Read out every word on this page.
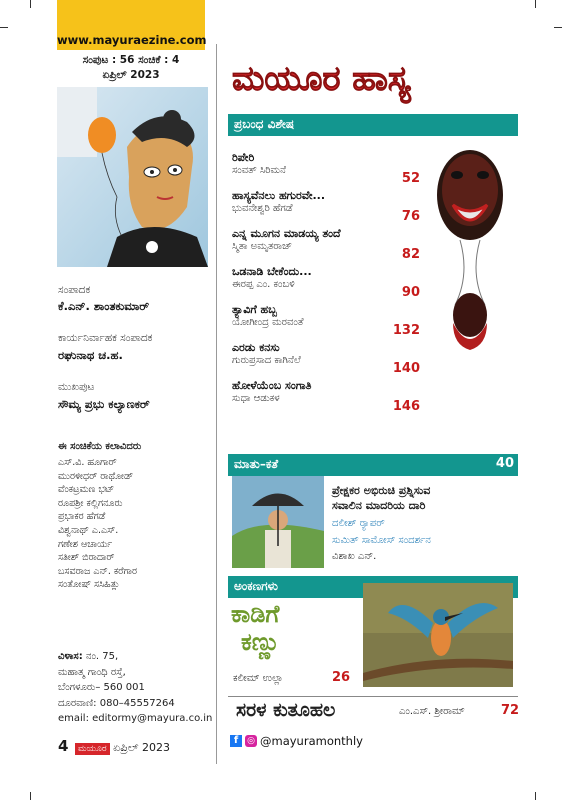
www.mayuraezine.com
ಸಂಪುಟ : 56 ಸಂಚಿಕೆ : 4
ಏಪ್ರಿಲ್ 2023
ಸಂಪಾದಕ
ಕೆ.ಎನ್. ಶಾಂತಕುಮಾರ್
ಕಾರ್ಯನಿರ್ವಾಹಕ ಸಂಪಾದಕ
ರಘುನಾಥ ಚ.ಹ.
ಮುಖಪುಟ
ಸೌಮ್ಯ ಪ್ರಭು ಕಲ್ಯಾಣಕರ್
ಈ ಸಂಚಿಕೆಯ ಕಲಾವಿದರು
ಎಸ್.ವಿ. ಹೂಗಾರ್
ಮುರಳೀಧರ್ ರಾಥೋಡ್
ವೆಂಕಟ್ರಮಣ ಭಟ್
ರೂಪಶ್ರೀ ಕಲ್ಲಿಗನೂರು
ಪ್ರಭಾಕರ ಹೆಗಡೆ
ವಿಶ್ವನಾಥ್ ಎ.ಎಸ್.
ಗಣೇಶ ಆಚಾರ್ಯ
ಸತೀಶ್ ಬಿರಾದಾರ್
ಬಸವರಾಜ ಎನ್. ಕರೆಗಾರ
ಸಂತೋಷ್ ಸಸಿಹಿತ್ಲು
ವಿಳಾಸ: ನಂ. 75,
ಮಹಾತ್ಮ ಗಾಂಧಿ ರಸ್ತೆ,
ಬೆಂಗಳೂರು– 560 001
ದೂರವಾಣಿ: 080–45557264
email: editormy@mayura.co.in
4 ಮಯೂರ ಏಪ್ರಿಲ್ 2023
ಮಯೂರ ಹಾಸ್ಯ
ಪ್ರಬಂಧ ವಿಶೇಷ
ರಿಪೇರಿ
ಸಂವತ್ ಸಿರಿಮನೆ
52
ಹಾಸ್ಯವೆನಲು ಹಗುರವೇ...
ಭುವನೇಶ್ವರಿ ಹೆಗಡೆ
76
ಎನ್ನ ಮೂಗನ ಮಾಡಯ್ಯ ತಂದೆ
ಸ್ಮಿತಾ ಅಮೃತರಾಜ್
82
ಒಡನಾಡಿ ಬೇಕೆಂದು...
ಈರಪ್ಪ ಎಂ. ಕಂಬಳಿ
90
ತ್ಯಾವಿಗೆ ಹಬ್ಬ
ಯೋಗೀಂದ್ರ ಮರವಂತೆ
132
ಎರಡು ಕನಸು
ಗುರುಪ್ರಸಾದ ಕಾಗಿನೆಲೆ
140
ಹೋಳೆಯೆಂಬ ಸಂಗಾತಿ
ಸುಧಾ ಆಡುಕಳ
146
ಮಾತು–ಕತೆ	40
ಪ್ರೇಕ್ಷಕರ ಅಭಿರುಚಿ ಪ್ರಶ್ನಿಸುವ
ಸವಾಲಿನ ಮಾದರಿಯ ದಾರಿ
ದಲೀಶ್ ರ್‍ಯಾಪರ್
ಸುಮಿತ್ ಸಾಮೋಸ್ ಸಂದರ್ಶನ
ವಿಶಾಖ ಎನ್.
ಅಂಕಣಗಳು
ಕಾಡಿಗೆ
ಕಣ್ಣು
ಕಲೀಮ್ ಉಲ್ಲಾ	26
ಸರಳ ಕುತೂಹಲ	ಎಂ.ಎಸ್. ಶ್ರೀರಾಮ್	72
f ◎ @mayuramonthly
